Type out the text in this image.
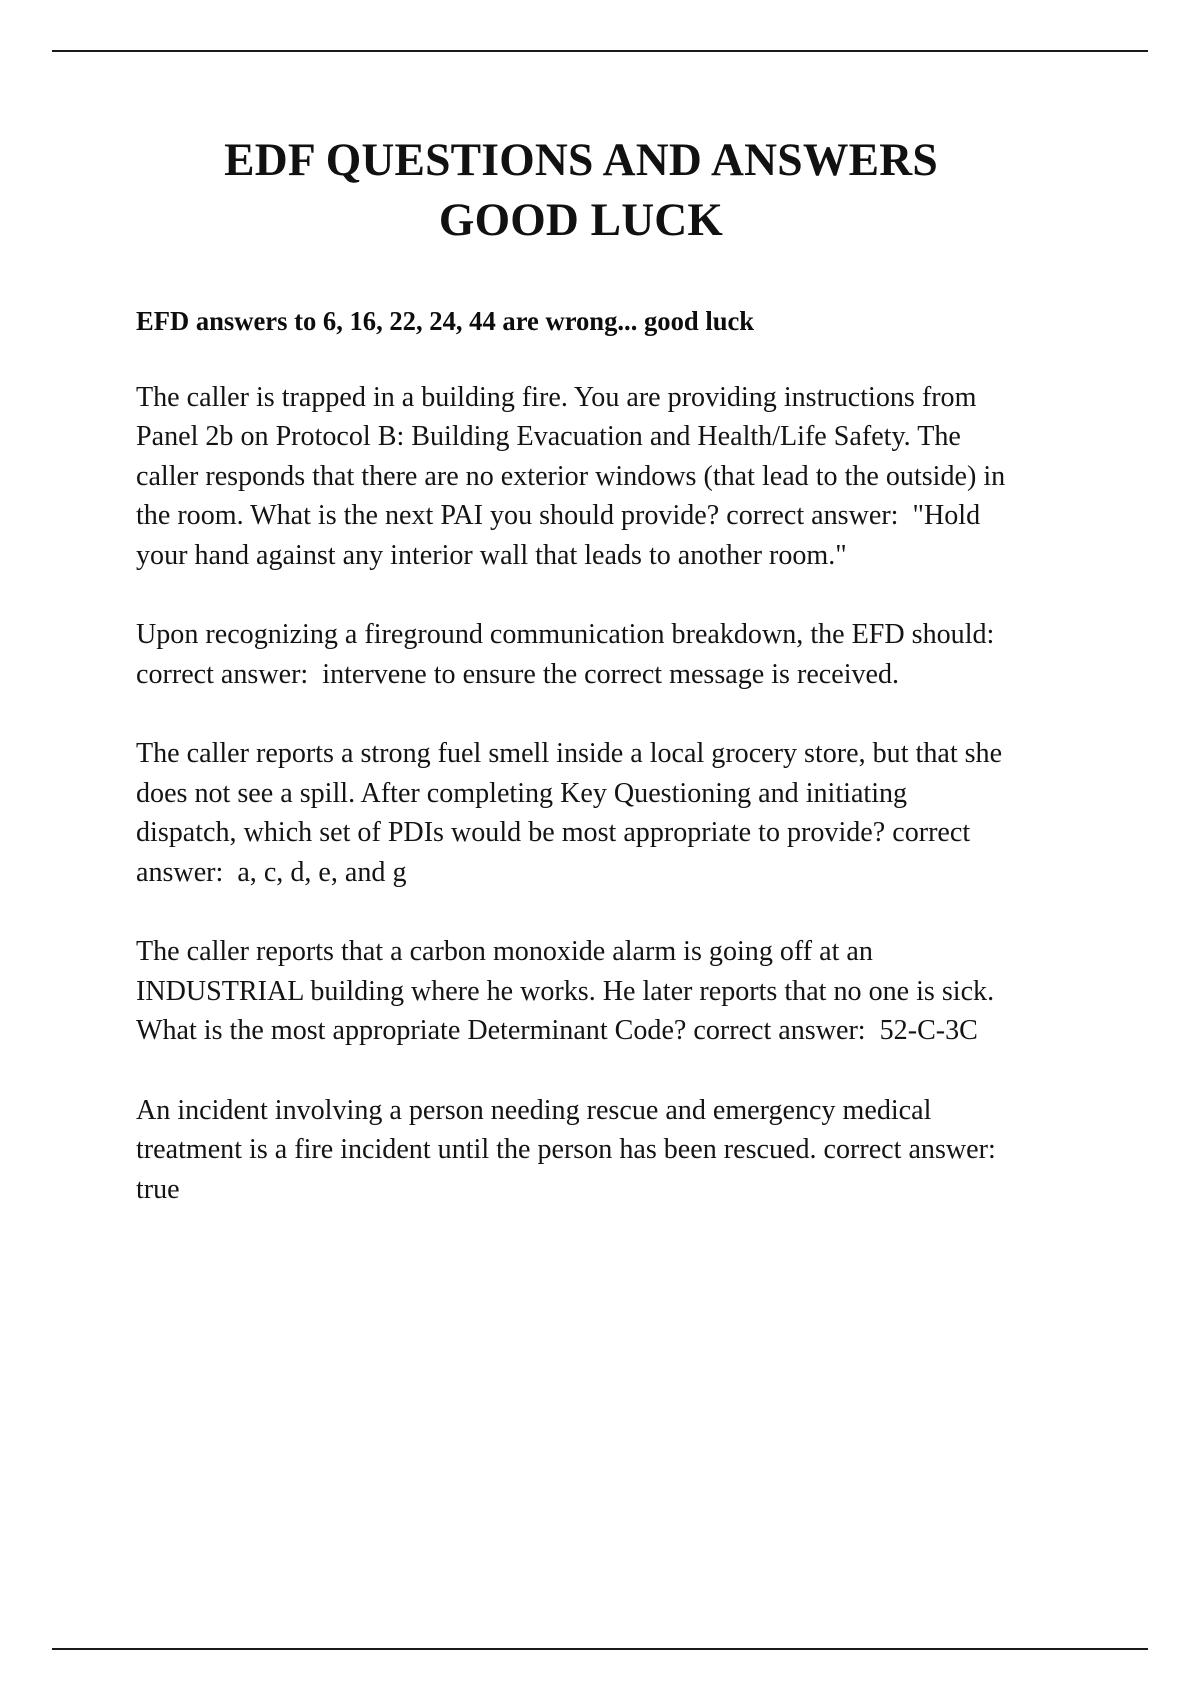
EDF QUESTIONS AND ANSWERS
GOOD LUCK

EFD answers to 6, 16, 22, 24, 44 are wrong... good luck

The caller is trapped in a building fire. You are providing instructions from Panel 2b on Protocol B: Building Evacuation and Health/Life Safety. The caller responds that there are no exterior windows (that lead to the outside) in the room. What is the next PAI you should provide? correct answer:  "Hold your hand against any interior wall that leads to another room."

Upon recognizing a fireground communication breakdown, the EFD should: correct answer:  intervene to ensure the correct message is received.

The caller reports a strong fuel smell inside a local grocery store, but that she does not see a spill. After completing Key Questioning and initiating dispatch, which set of PDIs would be most appropriate to provide? correct answer:  a, c, d, e, and g

The caller reports that a carbon monoxide alarm is going off at an INDUSTRIAL building where he works. He later reports that no one is sick. What is the most appropriate Determinant Code? correct answer:  52-C-3C

An incident involving a person needing rescue and emergency medical treatment is a fire incident until the person has been rescued. correct answer:  true
